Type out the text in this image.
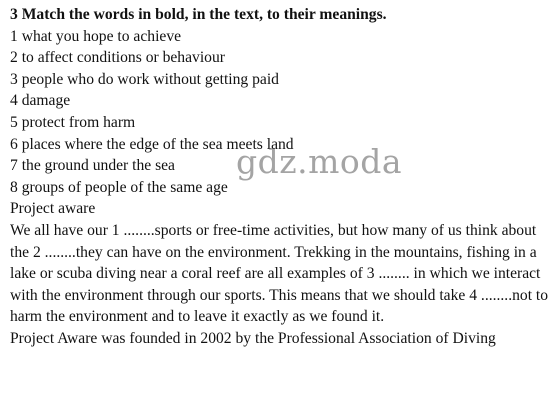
3 Match the words in bold, in the text, to their meanings.
1 what you hope to achieve
2 to affect conditions or behaviour
3 people who do work without getting paid
4 damage
5 protect from harm
6 places where the edge of the sea meets land
7 the ground under the sea
8 groups of people of the same age
Project aware

We all have our 1 ........sports or free-time activities, but how many of us think about the 2 ........they can have on the environment. Trekking in the mountains, fishing in a lake or scuba diving near a coral reef are all examples of 3 ........ in which we interact with the environment through our sports. This means that we should take 4 ........not to harm the environment and to leave it exactly as we found it.

Project Aware was founded in 2002 by the Professional Association of Diving

gdz.moda
